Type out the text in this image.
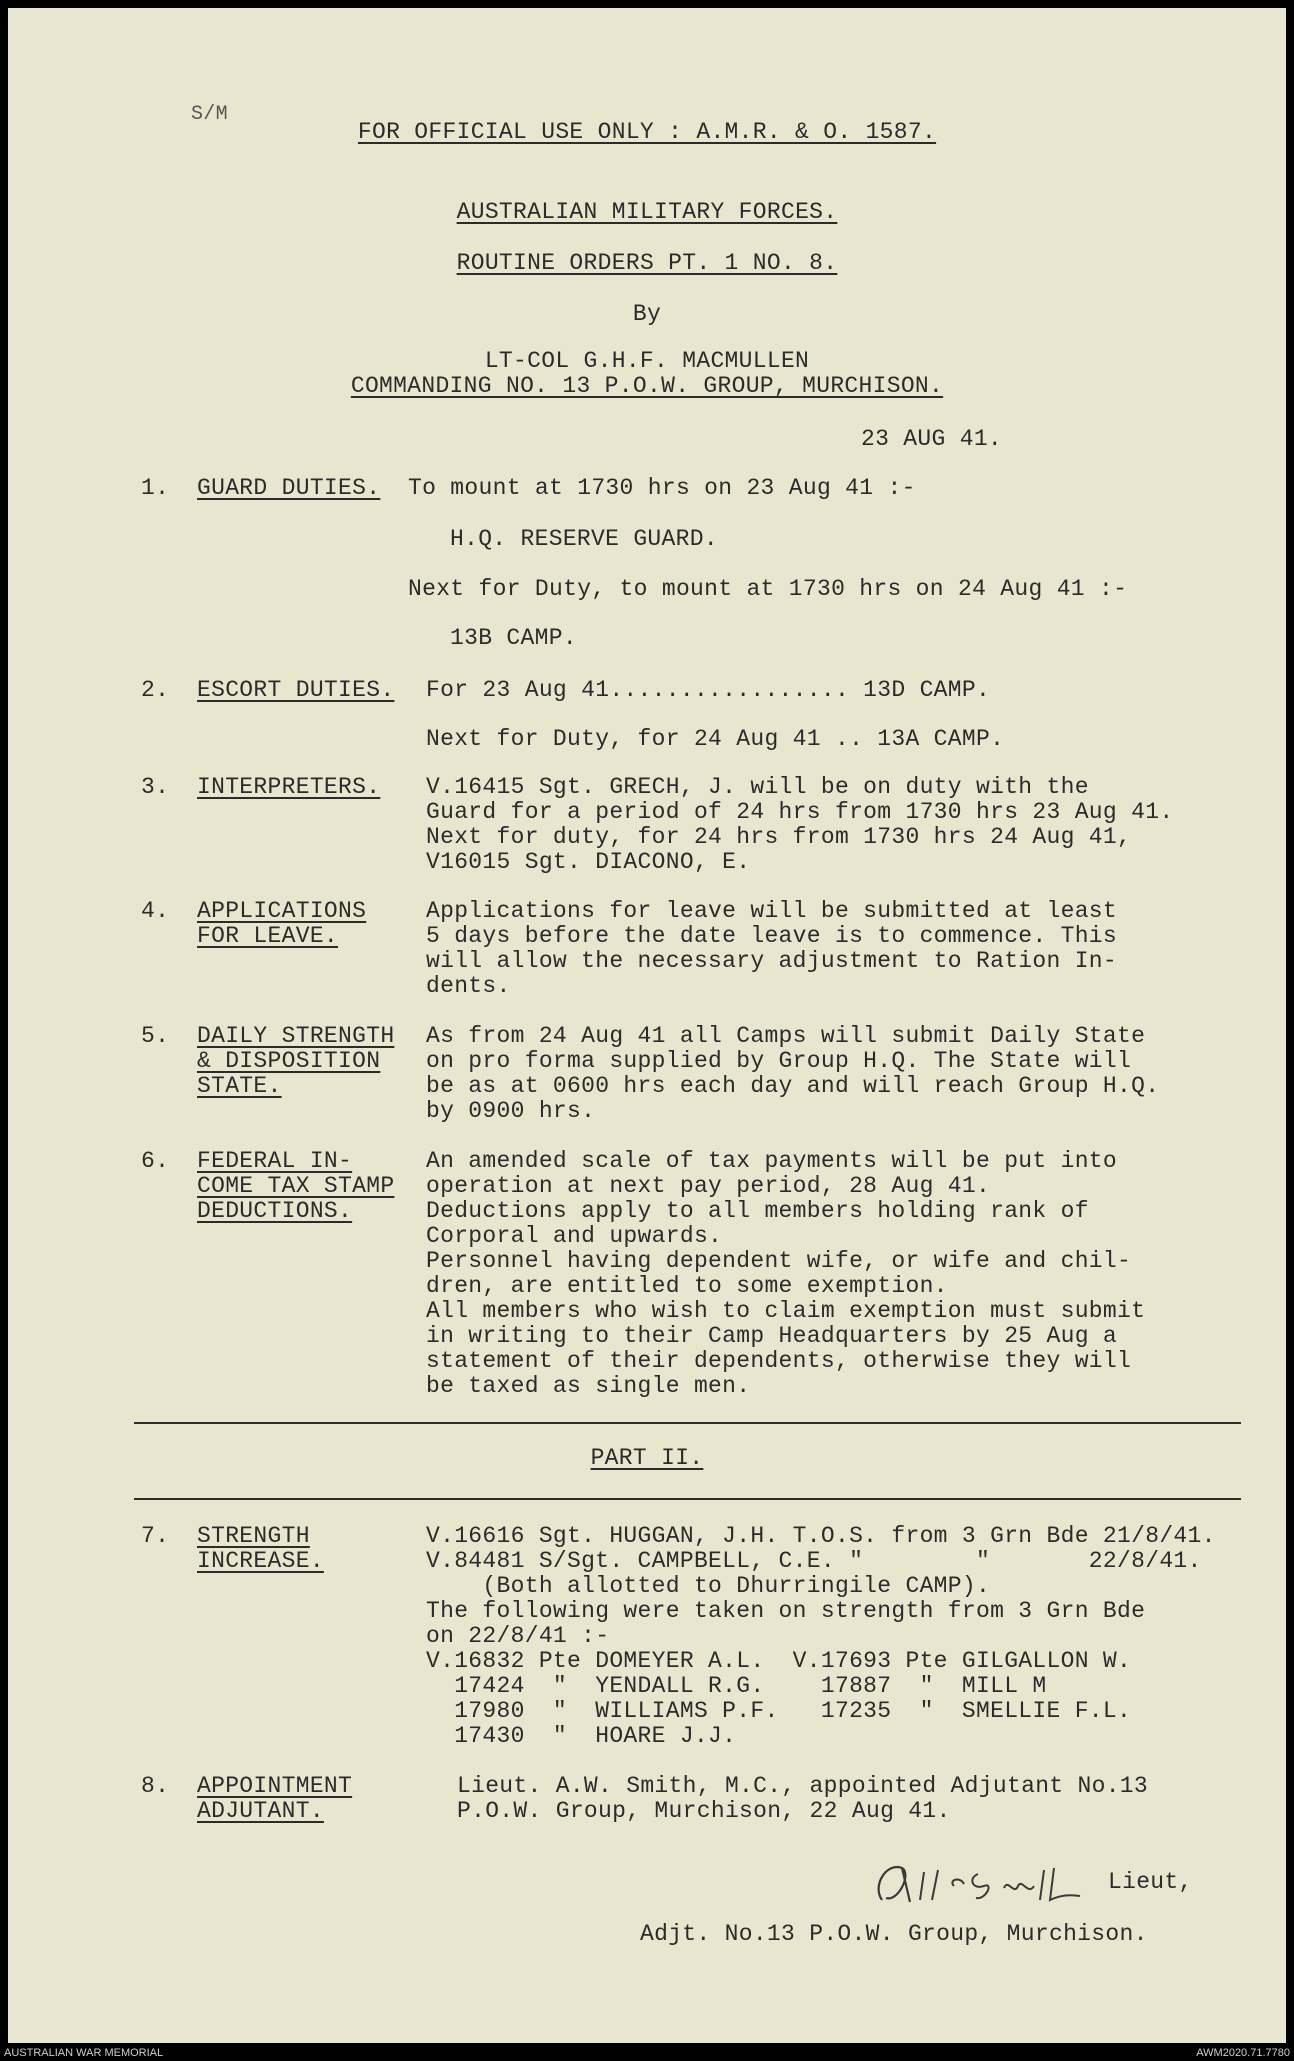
S/M
FOR OFFICIAL USE ONLY : A.M.R. & O. 1587.
AUSTRALIAN MILITARY FORCES.
ROUTINE ORDERS PT. 1 NO. 8.
By
LT-COL G.H.F. MACMULLEN
COMMANDING NO. 13 P.O.W. GROUP, MURCHISON.
23 AUG 41.
1. GUARD DUTIES. To mount at 1730 hrs on 23 Aug 41 :-
H.Q. RESERVE GUARD.
Next for Duty, to mount at 1730 hrs on 24 Aug 41 :-
13B CAMP.
2. ESCORT DUTIES. For 23 Aug 41................. 13D CAMP.
Next for Duty, for 24 Aug 41 .. 13A CAMP.
3. INTERPRETERS. V.16415 Sgt. GRECH, J. will be on duty with the
Guard for a period of 24 hrs from 1730 hrs 23 Aug 41.
Next for duty, for 24 hrs from 1730 hrs 24 Aug 41,
V16015 Sgt. DIACONO, E.
4. APPLICATIONS
FOR LEAVE.
Applications for leave will be submitted at least
5 days before the date leave is to commence. This
will allow the necessary adjustment to Ration In-
dents.
5. DAILY STRENGTH
& DISPOSITION
STATE.
As from 24 Aug 41 all Camps will submit Daily State
on pro forma supplied by Group H.Q. The State will
be as at 0600 hrs each day and will reach Group H.Q.
by 0900 hrs.
6. FEDERAL IN-
COME TAX STAMP
DEDUCTIONS.
An amended scale of tax payments will be put into
operation at next pay period, 28 Aug 41.
Deductions apply to all members holding rank of
Corporal and upwards.
Personnel having dependent wife, or wife and chil-
dren, are entitled to some exemption.
All members who wish to claim exemption must submit
in writing to their Camp Headquarters by 25 Aug a
statement of their dependents, otherwise they will
be taxed as single men.
PART II.
7. STRENGTH
INCREASE.
V.16616 Sgt. HUGGAN, J.H. T.O.S. from 3 Grn Bde 21/8/41.
V.84481 S/Sgt. CAMPBELL, C.E. "        "       22/8/41.
(Both allotted to Dhurringile CAMP).
The following were taken on strength from 3 Grn Bde
on 22/8/41 :-
V.16832 Pte DOMEYER A.L.  V.17693 Pte GILGALLON W.
17424  "  YENDALL R.G.    17887  "  MILL M
17980  "  WILLIAMS P.F.   17235  "  SMELLIE F.L.
17430  "  HOARE J.J.
8. APPOINTMENT
ADJUTANT.
Lieut. A.W. Smith, M.C., appointed Adjutant No.13
P.O.W. Group, Murchison, 22 Aug 41.
Lieut,
Adjt. No.13 P.O.W. Group, Murchison.
AUSTRALIAN WAR MEMORIAL	AWM2020.71.7780
